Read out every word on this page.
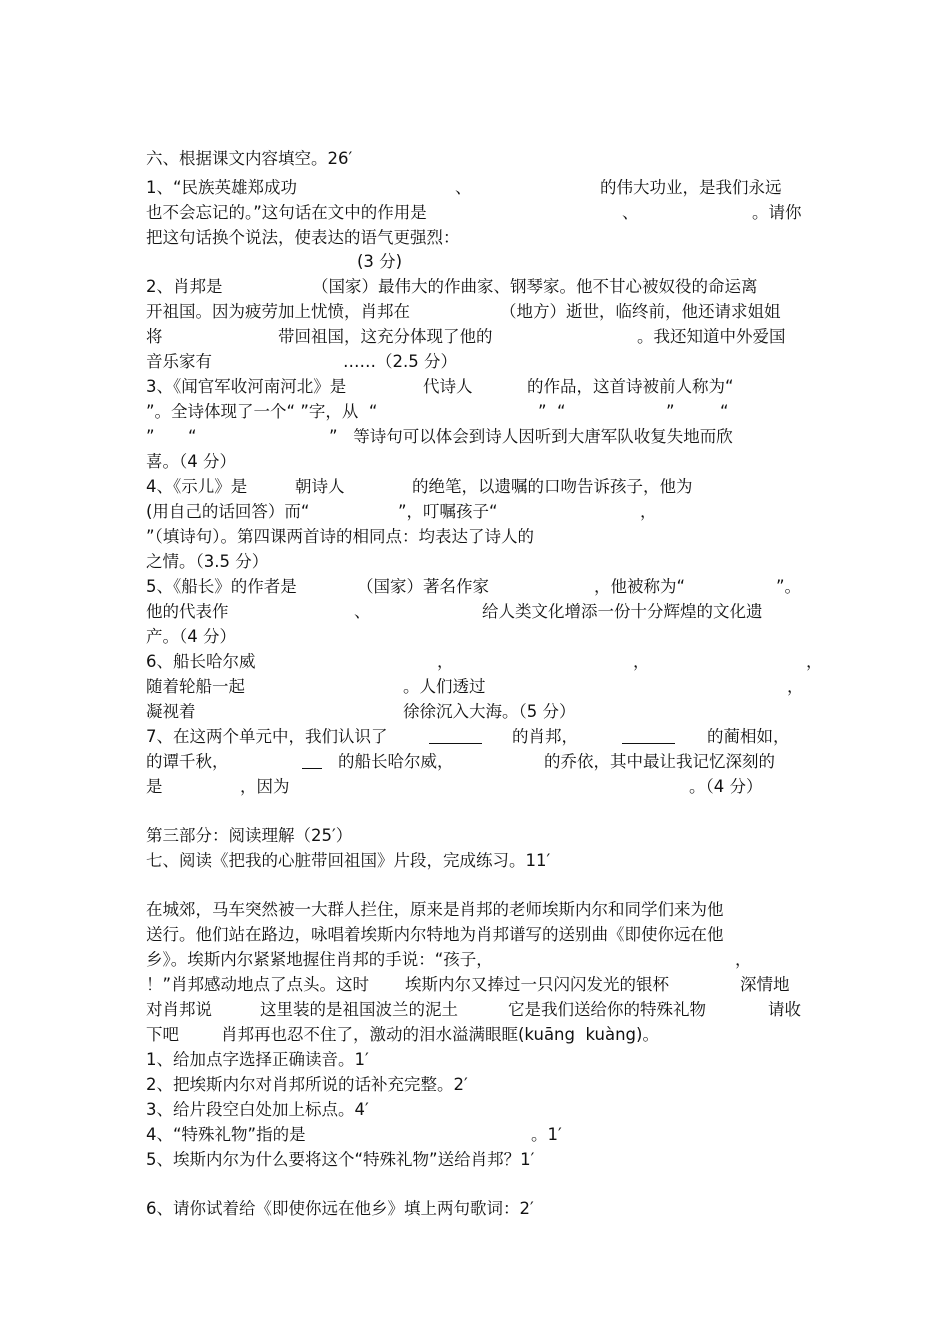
六、根据课文内容填空。26′
1、“民族英雄郑成功	、	的伟大功业，是我们永远
也不会忘记的。”这句话在文中的作用是	、	。请你
把这句话换个说法，使表达的语气更强烈：
(3 分)
2、肖邦是	（国家）最伟大的作曲家、钢琴家。他不甘心被奴役的命运离
开祖国。因为疲劳加上忧愤，肖邦在	（地方）逝世，临终前，他还请求姐姐
将	带回祖国，这充分体现了他的	。我还知道中外爱国
音乐家有	……（2.5 分）
3、《闻官军收河南河北》是	代诗人	的作品，这首诗被前人称为“
”。全诗体现了一个“ ”字，从  “	”  “	”	“
” “	”   等诗句可以体会到诗人因听到大唐军队收复失地而欣
喜。（4 分）
4、《示儿》是	朝诗人	的绝笔，以遗嘱的口吻告诉孩子，他为
(用自己的话回答）而“	”，叮嘱孩子“	，
”（填诗句）。第四课两首诗的相同点：均表达了诗人的
之情。（3.5 分）
5、《船长》的作者是	（国家）著名作家	，他被称为“	”。
他的代表作	、	给人类文化增添一份十分辉煌的文化遗
产。（4 分）
6、船长哈尔威	，	，	，
随着轮船一起	。人们透过	，
凝视着	徐徐沉入大海。（5 分）
7、在这两个单元中，我们认识了	的肖邦，	的蔺相如，
的谭千秋，	的船长哈尔威，	的乔依，其中最让我记忆深刻的
是	，因为	。（4 分）
第三部分：阅读理解（25′）
七、阅读《把我的心脏带回祖国》片段，完成练习。11′
在城郊，马车突然被一大群人拦住，原来是肖邦的老师埃斯内尔和同学们来为他
送行。他们站在路边，咏唱着埃斯内尔特地为肖邦谱写的送别曲《即使你远在他
乡》。埃斯内尔紧紧地握住肖邦的手说：“孩子，	，
！”肖邦感动地点了点头。这时 埃斯内尔又捧过一只闪闪发光的银杯	深情地
对肖邦说	这里装的是祖国波兰的泥土	它是我们送给你的特殊礼物	请收
下吧	肖邦再也忍不住了，激动的泪水溢满眼眶(kuāng  kuàng)。
1、给加点字选择正确读音。1′
2、把埃斯内尔对肖邦所说的话补充完整。2′
3、给片段空白处加上标点。4′
4、“特殊礼物”指的是	。1′
5、埃斯内尔为什么要将这个“特殊礼物”送给肖邦？1′
6、请你试着给《即使你远在他乡》填上两句歌词：2′
